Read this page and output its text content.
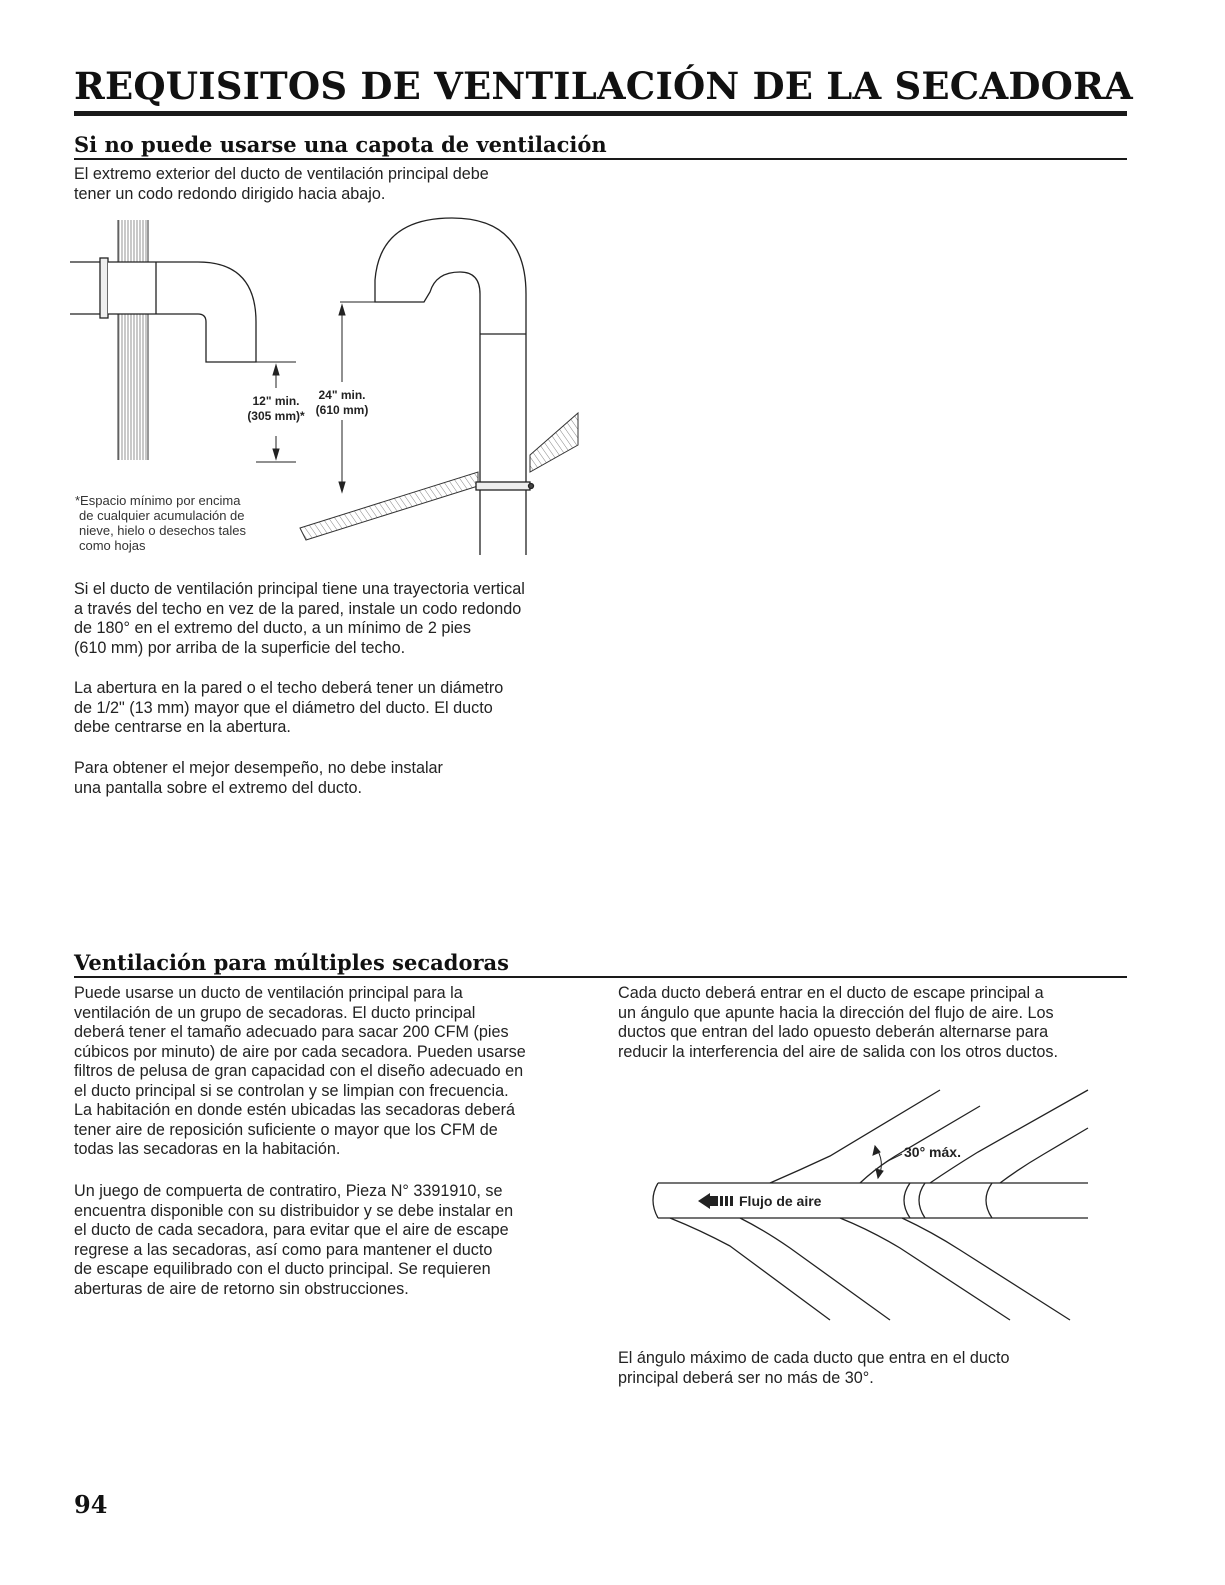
REQUISITOS DE VENTILACIÓN DE LA SECADORA
Si no puede usarse una capota de ventilación

El extremo exterior del ducto de ventilación principal debe

tener un codo redondo dirigido hacia abajo.

12" min.
(305 mm)*
24" min.
(610 mm)
*Espacio mínimo por encima
de cualquier acumulación de
nieve, hielo o desechos tales
como hojas

Si el ducto de ventilación principal tiene una trayectoria vertical

a través del techo en vez de la pared, instale un codo redondo

de 180° en el extremo del ducto, a un mínimo de 2 pies

(610 mm) por arriba de la superficie del techo.

La abertura en la pared o el techo deberá tener un diámetro

de 1/2" (13 mm) mayor que el diámetro del ducto. El ducto

debe centrarse en la abertura.

Para obtener el mejor desempeño, no debe instalar

una pantalla sobre el extremo del ducto.

Ventilación para múltiples secadoras

Puede usarse un ducto de ventilación principal para la

ventilación de un grupo de secadoras. El ducto principal

deberá tener el tamaño adecuado para sacar 200 CFM (pies

cúbicos por minuto) de aire por cada secadora. Pueden usarse

filtros de pelusa de gran capacidad con el diseño adecuado en

el ducto principal si se controlan y se limpian con frecuencia.

La habitación en donde estén ubicadas las secadoras deberá

tener aire de reposición suficiente o mayor que los CFM de

todas las secadoras en la habitación.

Un juego de compuerta de contratiro, Pieza N° 3391910, se

encuentra disponible con su distribuidor y se debe instalar en

el ducto de cada secadora, para evitar que el aire de escape

regrese a las secadoras, así como para mantener el ducto

de escape equilibrado con el ducto principal. Se requieren

aberturas de aire de retorno sin obstrucciones.

Cada ducto deberá entrar en el ducto de escape principal a

un ángulo que apunte hacia la dirección del flujo de aire. Los

ductos que entran del lado opuesto deberán alternarse para

reducir la interferencia del aire de salida con los otros ductos.

30° máx.
Flujo de aire

El ángulo máximo de cada ducto que entra en el ducto

principal deberá ser no más de 30°.

94
